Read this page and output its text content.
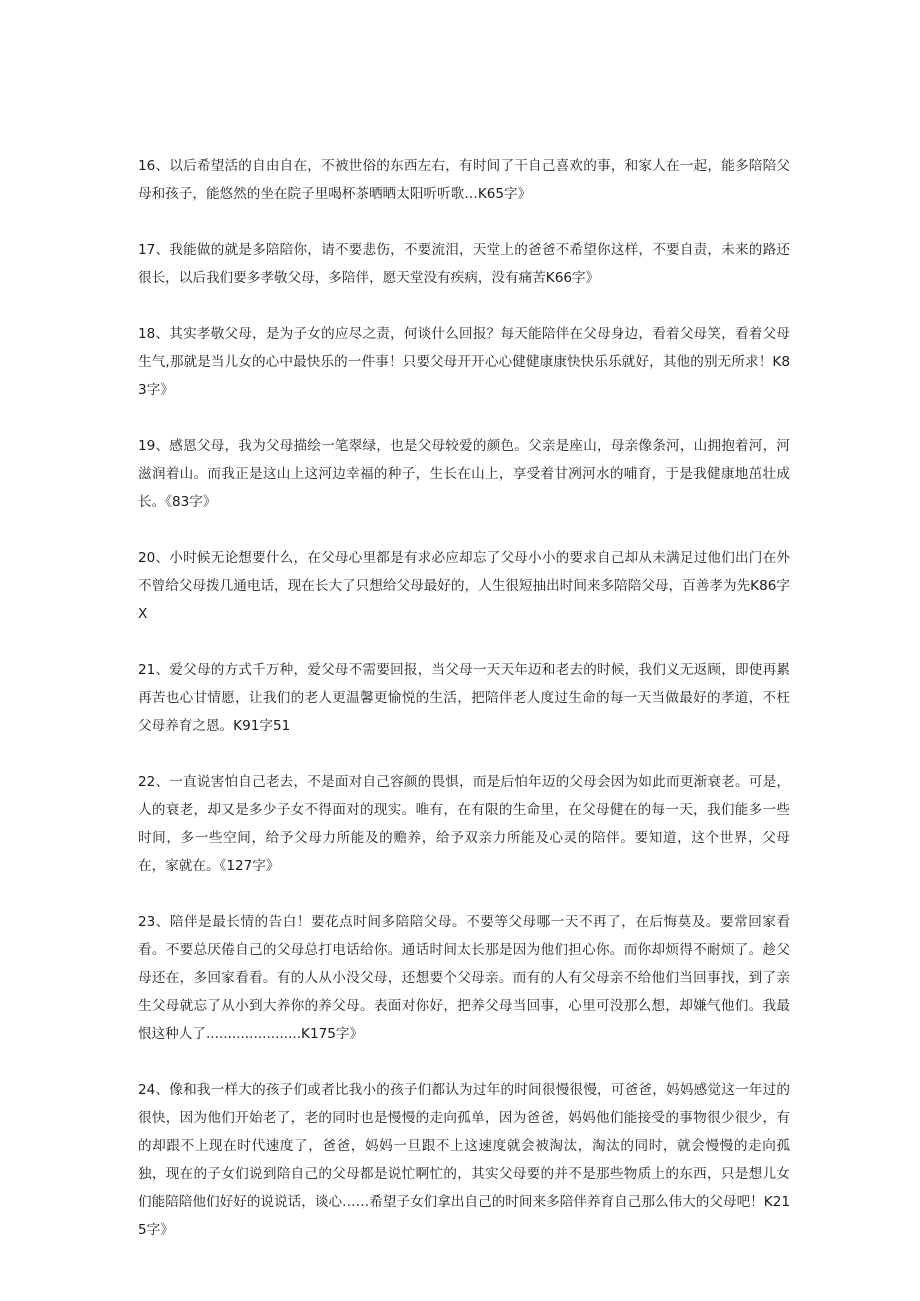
16、以后希望活的自由自在，不被世俗的东西左右，有时间了干自己喜欢的事，和家人在一起，能多陪陪父母和孩子，能悠然的坐在院子里喝杯茶晒晒太阳听听歌…K65字》

17、我能做的就是多陪陪你，请不要悲伤，不要流泪，天堂上的爸爸不希望你这样，不要自责，未来的路还很长，以后我们要多孝敬父母，多陪伴，愿天堂没有疾病，没有痛苦K66字》

18、其实孝敬父母，是为子女的应尽之责，何谈什么回报？每天能陪伴在父母身边，看着父母笑，看着父母生气,那就是当儿女的心中最快乐的一件事！只要父母开开心心健健康康快快乐乐就好，其他的别无所求！K83字》

19、感恩父母，我为父母描绘一笔翠绿，也是父母较爱的颜色。父亲是座山，母亲像条河，山拥抱着河，河滋润着山。而我正是这山上这河边幸福的种子，生长在山上，享受着甘冽河水的哺育，于是我健康地茁壮成长。《83字》

20、小时候无论想要什么，在父母心里都是有求必应却忘了父母小小的要求自己却从未满足过他们出门在外不曾给父母拨几通电话，现在长大了只想给父母最好的，人生很短抽出时间来多陪陪父母，百善孝为先K86字X

21、爱父母的方式千万种，爱父母不需要回报，当父母一天天年迈和老去的时候，我们义无返顾，即使再累再苦也心甘情愿，让我们的老人更温馨更愉悦的生活，把陪伴老人度过生命的每一天当做最好的孝道，不枉父母养育之恩。K91字51

22、一直说害怕自己老去，不是面对自己容颜的畏惧，而是后怕年迈的父母会因为如此而更渐衰老。可是，人的衰老，却又是多少子女不得面对的现实。唯有，在有限的生命里，在父母健在的每一天，我们能多一些时间，多一些空间，给予父母力所能及的赡养，给予双亲力所能及心灵的陪伴。要知道，这个世界，父母在，家就在。《127字》

23、陪伴是最长情的告白！要花点时间多陪陪父母。不要等父母哪一天不再了，在后悔莫及。要常回家看看。不要总厌倦自己的父母总打电话给你。通话时间太长那是因为他们担心你。而你却烦得不耐烦了。趁父母还在，多回家看看。有的人从小没父母，还想要个父母亲。而有的人有父母亲不给他们当回事找，到了亲生父母就忘了从小到大养你的养父母。表面对你好，把养父母当回事，心里可没那么想，却嫌气他们。我最恨这种人了......................K175字》

24、像和我一样大的孩子们或者比我小的孩子们都认为过年的时间很慢很慢，可爸爸，妈妈感觉这一年过的很快，因为他们开始老了，老的同时也是慢慢的走向孤单，因为爸爸，妈妈他们能接受的事物很少很少，有的却跟不上现在时代速度了，爸爸，妈妈一旦跟不上这速度就会被淘汰，淘汰的同时，就会慢慢的走向孤独，现在的子女们说到陪自己的父母都是说忙啊忙的，其实父母要的并不是那些物质上的东西，只是想儿女们能陪陪他们好好的说说话，谈心……希望子女们拿出自己的时间来多陪伴养育自己那么伟大的父母吧！K215字》
